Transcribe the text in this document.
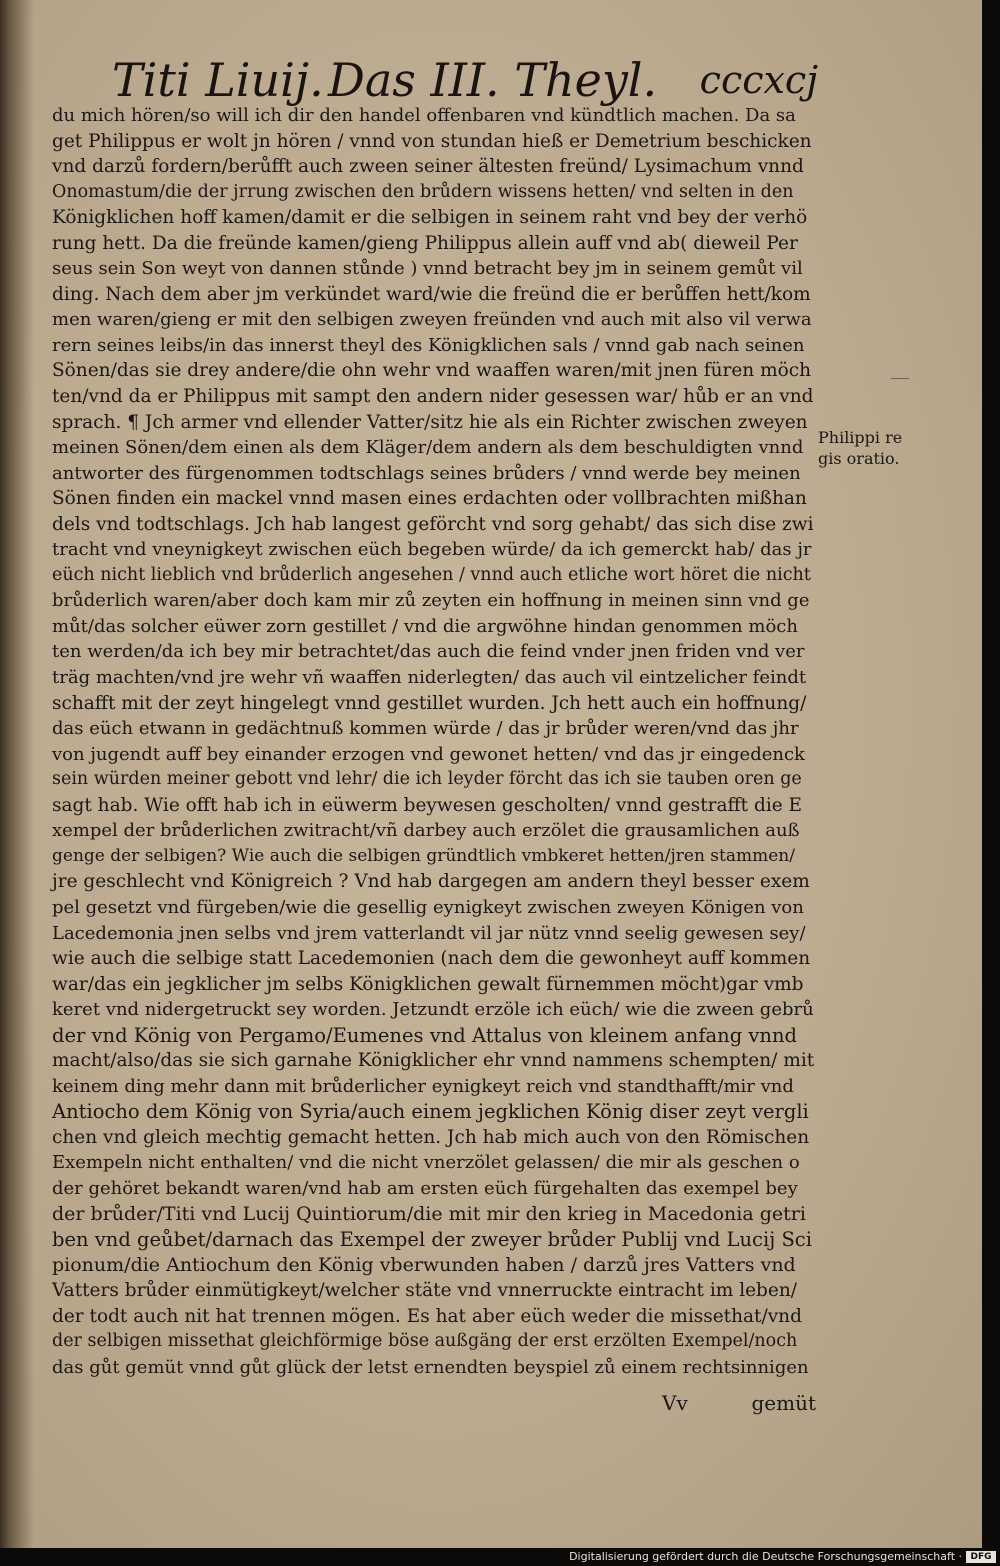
Titi Liuij. Das III. Theyl. cccxcj
du mich hören/so will ich dir den handel offenbaren vnd kündtlich machen. Da sa
get Philippus er wolt jn hören / vnnd von stundan hieß er Demetrium beschicken
vnd darzů fordern/berůfft auch zween seiner ältesten freünd/ Lysimachum vnnd
Onomastum/die der jrrung zwischen den brůdern wissens hetten/ vnd selten in den
Königklichen hoff kamen/damit er die selbigen in seinem raht vnd bey der verhö
rung hett. Da die freünde kamen/gieng Philippus allein auff vnd ab( dieweil Per
seus sein Son weyt von dannen stůnde ) vnnd betracht bey jm in seinem gemůt vil
ding. Nach dem aber jm verkündet ward/wie die freünd die er berůffen hett/kom
men waren/gieng er mit den selbigen zweyen freünden vnd auch mit also vil verwa
rern seines leibs/in das innerst theyl des Königklichen sals / vnnd gab nach seinen
Sönen/das sie drey andere/die ohn wehr vnd waaffen waren/mit jnen füren möch
ten/vnd da er Philippus mit sampt den andern nider gesessen war/ hůb er an vnd
sprach. ¶ Jch armer vnd ellender Vatter/sitz hie als ein Richter zwischen zweyen
meinen Sönen/dem einen als dem Kläger/dem andern als dem beschuldigten vnnd
antworter des fürgenommen todtschlags seines brůders / vnnd werde bey meinen
Sönen finden ein mackel vnnd masen eines erdachten oder vollbrachten mißhan
dels vnd todtschlags. Jch hab langest geförcht vnd sorg gehabt/ das sich dise zwi
tracht vnd vneynigkeyt zwischen eüch begeben würde/ da ich gemerckt hab/ das jr
eüch nicht lieblich vnd brůderlich angesehen / vnnd auch etliche wort höret die nicht
brůderlich waren/aber doch kam mir zů zeyten ein hoffnung in meinen sinn vnd ge
můt/das solcher eüwer zorn gestillet / vnd die argwöhne hindan genommen möch
ten werden/da ich bey mir betrachtet/das auch die feind vnder jnen friden vnd ver
träg machten/vnd jre wehr vñ waaffen niderlegten/ das auch vil eintzelicher feindt
schafft mit der zeyt hingelegt vnnd gestillet wurden. Jch hett auch ein hoffnung/
das eüch etwann in gedächtnuß kommen würde / das jr brůder weren/vnd das jhr
von jugendt auff bey einander erzogen vnd gewonet hetten/ vnd das jr eingedenck
sein würden meiner gebott vnd lehr/ die ich leyder förcht das ich sie tauben oren ge
sagt hab. Wie offt hab ich in eüwerm beywesen gescholten/ vnnd gestrafft die E
xempel der brůderlichen zwitracht/vñ darbey auch erzölet die grausamlichen auß
genge der selbigen? Wie auch die selbigen gründtlich vmbkeret hetten/jren stammen/
jre geschlecht vnd Königreich ? Vnd hab dargegen am andern theyl besser exem
pel gesetzt vnd fürgeben/wie die gesellig eynigkeyt zwischen zweyen Königen von
Lacedemonia jnen selbs vnd jrem vatterlandt vil jar nütz vnnd seelig gewesen sey/
wie auch die selbige statt Lacedemonien (nach dem die gewonheyt auff kommen
war/das ein jegklicher jm selbs Königklichen gewalt fürnemmen möcht)gar vmb
keret vnd nidergetruckt sey worden. Jetzundt erzöle ich eüch/ wie die zween gebrů
der vnd König von Pergamo/Eumenes vnd Attalus von kleinem anfang vnnd
macht/also/das sie sich garnahe Königklicher ehr vnnd nammens schempten/ mit
keinem ding mehr dann mit brůderlicher eynigkeyt reich vnd standthafft/mir vnd
Antiocho dem König von Syria/auch einem jegklichen König diser zeyt vergli
chen vnd gleich mechtig gemacht hetten. Jch hab mich auch von den Römischen
Exempeln nicht enthalten/ vnd die nicht vnerzölet gelassen/ die mir als geschen o
der gehöret bekandt waren/vnd hab am ersten eüch fürgehalten das exempel bey
der brůder/Titi vnd Lucij Quintiorum/die mit mir den krieg in Macedonia getri
ben vnd geůbet/darnach das Exempel der zweyer brůder Publij vnd Lucij Sci
pionum/die Antiochum den König vberwunden haben / darzů jres Vatters vnd
Vatters brůder einmütigkeyt/welcher stäte vnd vnnerruckte eintracht im leben/
der todt auch nit hat trennen mögen. Es hat aber eüch weder die missethat/vnd
der selbigen missethat gleichförmige böse außgäng der erst erzölten Exempel/noch
das gůt gemüt vnnd gůt glück der letst ernendten beyspiel zů einem rechtsinnigen
Philippi re
gis oratio.
Vv	gemüt
Digitalisierung gefördert durch die Deutsche Forschungsgemeinschaft · DFG
